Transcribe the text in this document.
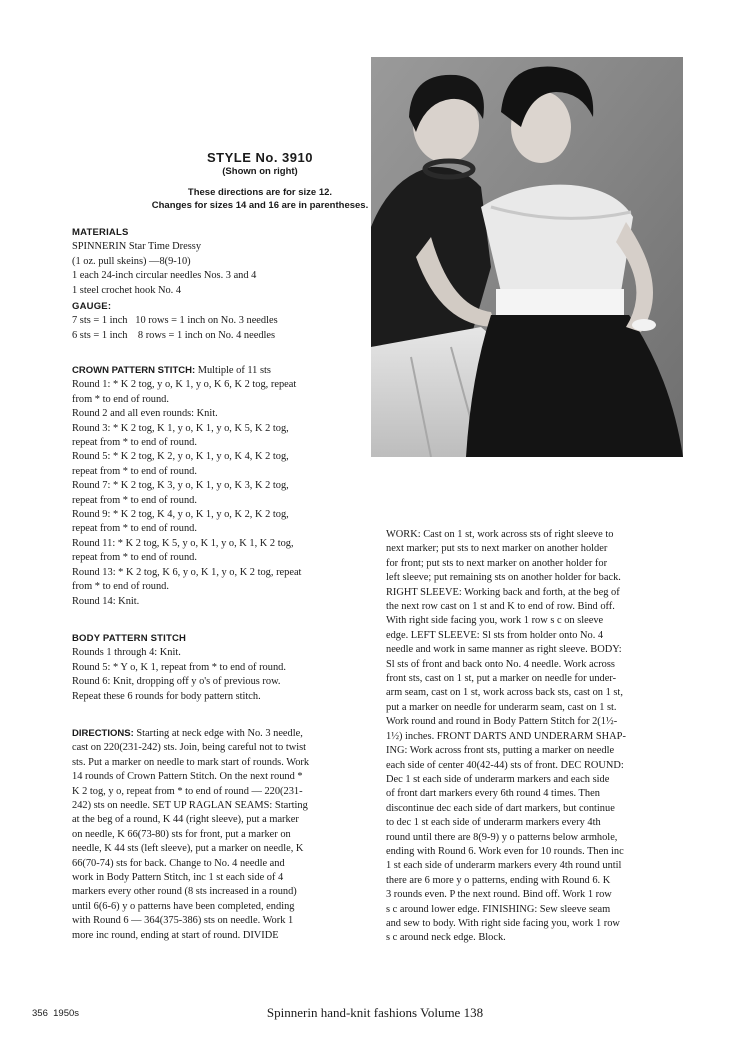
STYLE No. 3910
(Shown on right)
These directions are for size 12.
Changes for sizes 14 and 16 are in parentheses.
MATERIALS
SPINNERIN Star Time Dressy
(1 oz. pull skeins) —8(9-10)
1 each 24-inch circular needles Nos. 3 and 4
1 steel crochet hook No. 4
GAUGE:
7 sts = 1 inch   10 rows = 1 inch on No. 3 needles
6 sts = 1 inch    8 rows = 1 inch on No. 4 needles
CROWN PATTERN STITCH: Multiple of 11 sts
Round 1: * K 2 tog, y o, K 1, y o, K 6, K 2 tog, repeat
from * to end of round.
Round 2 and all even rounds: Knit.
Round 3: * K 2 tog, K 1, y o, K 1, y o, K 5, K 2 tog,
repeat from * to end of round.
Round 5: * K 2 tog, K 2, y o, K 1, y o, K 4, K 2 tog,
repeat from * to end of round.
Round 7: * K 2 tog, K 3, y o, K 1, y o, K 3, K 2 tog,
repeat from * to end of round.
Round 9: * K 2 tog, K 4, y o, K 1, y o, K 2, K 2 tog,
repeat from * to end of round.
Round 11: * K 2 tog, K 5, y o, K 1, y o, K 1, K 2 tog,
repeat from * to end of round.
Round 13: * K 2 tog, K 6, y o, K 1, y o, K 2 tog, repeat
from * to end of round.
Round 14: Knit.
BODY PATTERN STITCH
Rounds 1 through 4: Knit.
Round 5: * Y o, K 1, repeat from * to end of round.
Round 6: Knit, dropping off y o's of previous row.
Repeat these 6 rounds for body pattern stitch.
DIRECTIONS: Starting at neck edge with No. 3 needle,
cast on 220(231-242) sts. Join, being careful not to twist
sts. Put a marker on needle to mark start of rounds. Work
14 rounds of Crown Pattern Stitch. On the next round *
K 2 tog, y o, repeat from * to end of round — 220(231-
242) sts on needle. SET UP RAGLAN SEAMS: Starting
at the beg of a round, K 44 (right sleeve), put a marker
on needle, K 66(73-80) sts for front, put a marker on
needle, K 44 sts (left sleeve), put a marker on needle, K
66(70-74) sts for back. Change to No. 4 needle and
work in Body Pattern Stitch, inc 1 st each side of 4
markers every other round (8 sts increased in a round)
until 6(6-6) y o patterns have been completed, ending
with Round 6 — 364(375-386) sts on needle. Work 1
more inc round, ending at start of round. DIVIDE
WORK: Cast on 1 st, work across sts of right sleeve to
next marker; put sts to next marker on another holder
for front; put sts to next marker on another holder for
left sleeve; put remaining sts on another holder for back.
RIGHT SLEEVE: Working back and forth, at the beg of
the next row cast on 1 st and K to end of row. Bind off.
With right side facing you, work 1 row s c on sleeve
edge. LEFT SLEEVE: Sl sts from holder onto No. 4
needle and work in same manner as right sleeve. BODY:
Sl sts of front and back onto No. 4 needle. Work across
front sts, cast on 1 st, put a marker on needle for under-
arm seam, cast on 1 st, work across back sts, cast on 1 st,
put a marker on needle for underarm seam, cast on 1 st.
Work round and round in Body Pattern Stitch for 2(1½-
1½) inches. FRONT DARTS AND UNDERARM SHAP-
ING: Work across front sts, putting a marker on needle
each side of center 40(42-44) sts of front. DEC ROUND:
Dec 1 st each side of underarm markers and each side
of front dart markers every 6th round 4 times. Then
discontinue dec each side of dart markers, but continue
to dec 1 st each side of underarm markers every 4th
round until there are 8(9-9) y o patterns below armhole,
ending with Round 6. Work even for 10 rounds. Then inc
1 st each side of underarm markers every 4th round until
there are 6 more y o patterns, ending with Round 6. K
3 rounds even. P the next round. Bind off. Work 1 row
s c around lower edge. FINISHING: Sew sleeve seam
and sew to body. With right side facing you, work 1 row
s c around neck edge. Block.
356 1950s	Spinnerin hand-knit fashions Volume 138
